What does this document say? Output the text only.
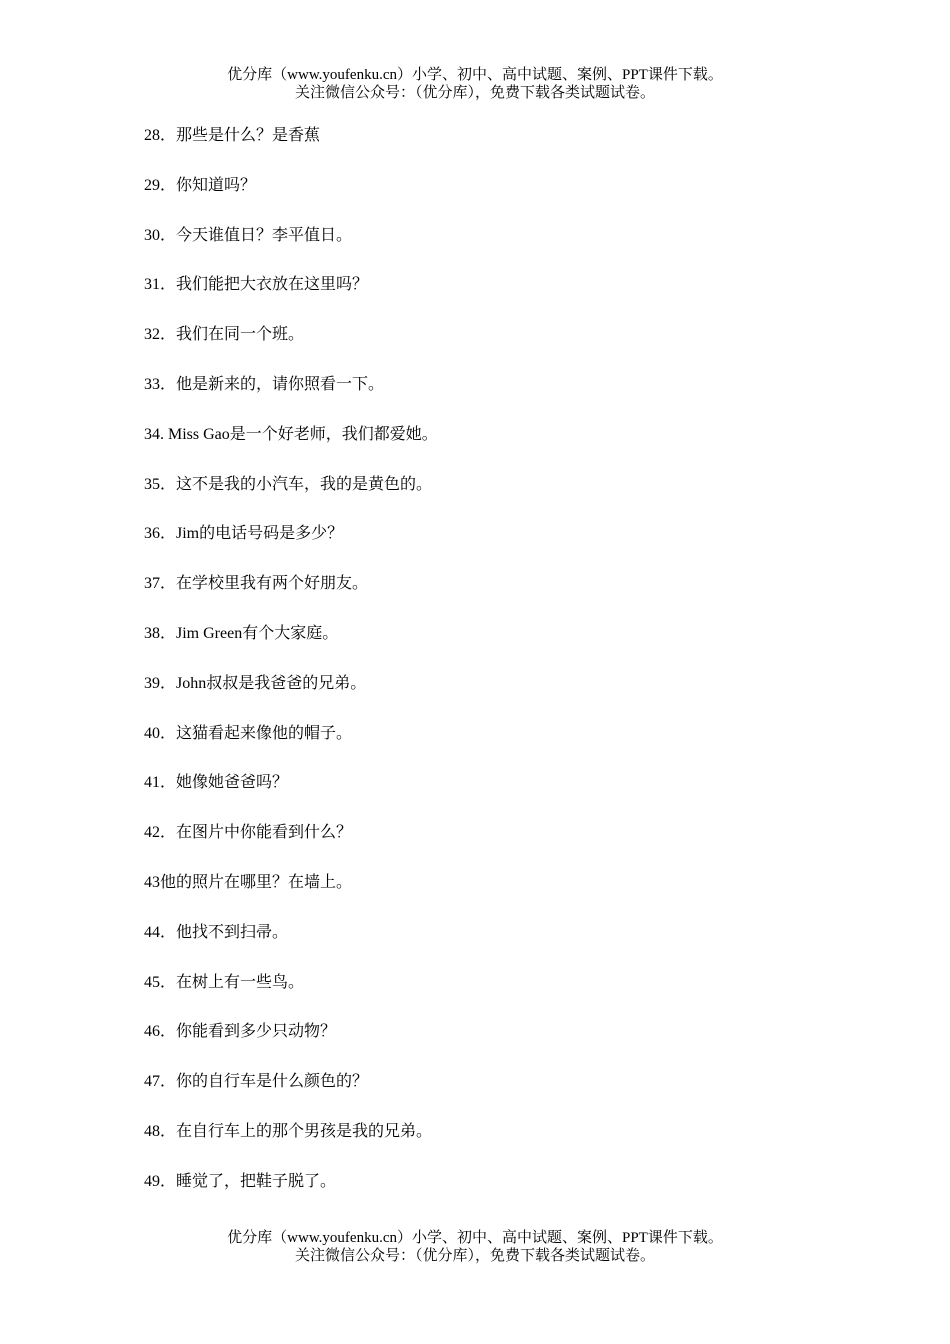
优分库（www.youfenku.cn）小学、初中、高中试题、案例、PPT课件下载。
关注微信公众号：（优分库），免费下载各类试题试卷。
28．那些是什么？是香蕉
29．你知道吗？
30．今天谁值日？李平值日。
31．我们能把大衣放在这里吗？
32．我们在同一个班。
33．他是新来的，请你照看一下。
34. Miss Gao是一个好老师，我们都爱她。
35．这不是我的小汽车，我的是黄色的。
36．Jim的电话号码是多少？
37．在学校里我有两个好朋友。
38．Jim Green有个大家庭。
39．John叔叔是我爸爸的兄弟。
40．这猫看起来像他的帽子。
41．她像她爸爸吗？
42．在图片中你能看到什么？
43他的照片在哪里？在墙上。
44．他找不到扫帚。
45．在树上有一些鸟。
46．你能看到多少只动物？
47．你的自行车是什么颜色的？
48．在自行车上的那个男孩是我的兄弟。
49．睡觉了，把鞋子脱了。
优分库（www.youfenku.cn）小学、初中、高中试题、案例、PPT课件下载。
关注微信公众号：（优分库），免费下载各类试题试卷。
